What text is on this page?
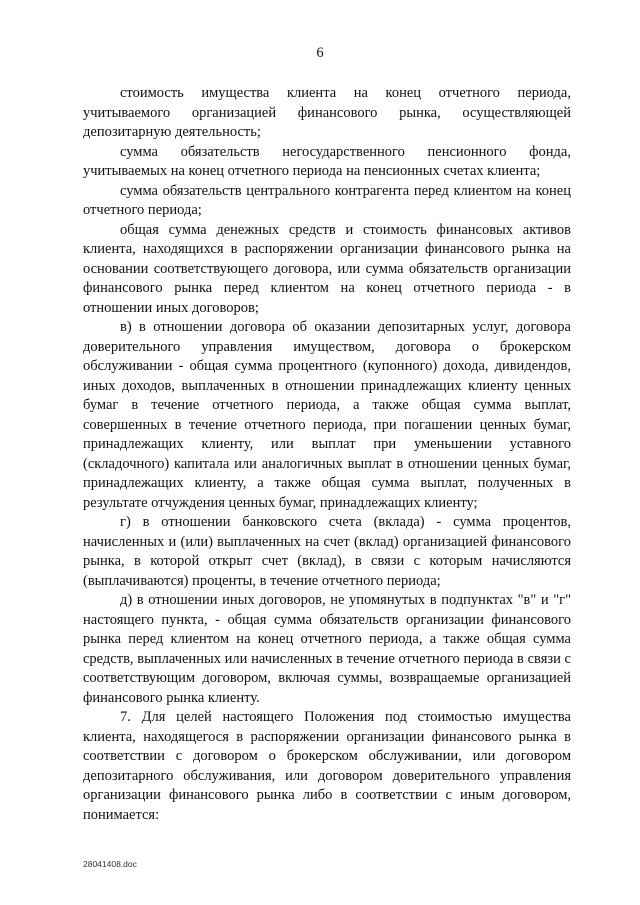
6

стоимость имущества клиента на конец отчетного периода, учитываемого организацией финансового рынка, осуществляющей депозитарную деятельность;

сумма обязательств негосударственного пенсионного фонда, учитываемых на конец отчетного периода на пенсионных счетах клиента;

сумма обязательств центрального контрагента перед клиентом на конец отчетного периода;

общая сумма денежных средств и стоимость финансовых активов клиента, находящихся в распоряжении организации финансового рынка на основании соответствующего договора, или сумма обязательств организации финансового рынка перед клиентом на конец отчетного периода - в отношении иных договоров;

в) в отношении договора об оказании депозитарных услуг, договора доверительного управления имуществом, договора о брокерском обслуживании - общая сумма процентного (купонного) дохода, дивидендов, иных доходов, выплаченных в отношении принадлежащих клиенту ценных бумаг в течение отчетного периода, а также общая сумма выплат, совершенных в течение отчетного периода, при погашении ценных бумаг, принадлежащих клиенту, или выплат при уменьшении уставного (складочного) капитала или аналогичных выплат в отношении ценных бумаг, принадлежащих клиенту, а также общая сумма выплат, полученных в результате отчуждения ценных бумаг, принадлежащих клиенту;

г) в отношении банковского счета (вклада) - сумма процентов, начисленных и (или) выплаченных на счет (вклад) организацией финансового рынка, в которой открыт счет (вклад), в связи с которым начисляются (выплачиваются) проценты, в течение отчетного периода;

д) в отношении иных договоров, не упомянутых в подпунктах "в" и "г" настоящего пункта, - общая сумма обязательств организации финансового рынка перед клиентом на конец отчетного периода, а также общая сумма средств, выплаченных или начисленных в течение отчетного периода в связи с соответствующим договором, включая суммы, возвращаемые организацией финансового рынка клиенту.

7. Для целей настоящего Положения под стоимостью имущества клиента, находящегося в распоряжении организации финансового рынка в соответствии с договором о брокерском обслуживании, или договором депозитарного обслуживания, или договором доверительного управления организации финансового рынка либо в соответствии с иным договором, понимается:

28041408.doc
